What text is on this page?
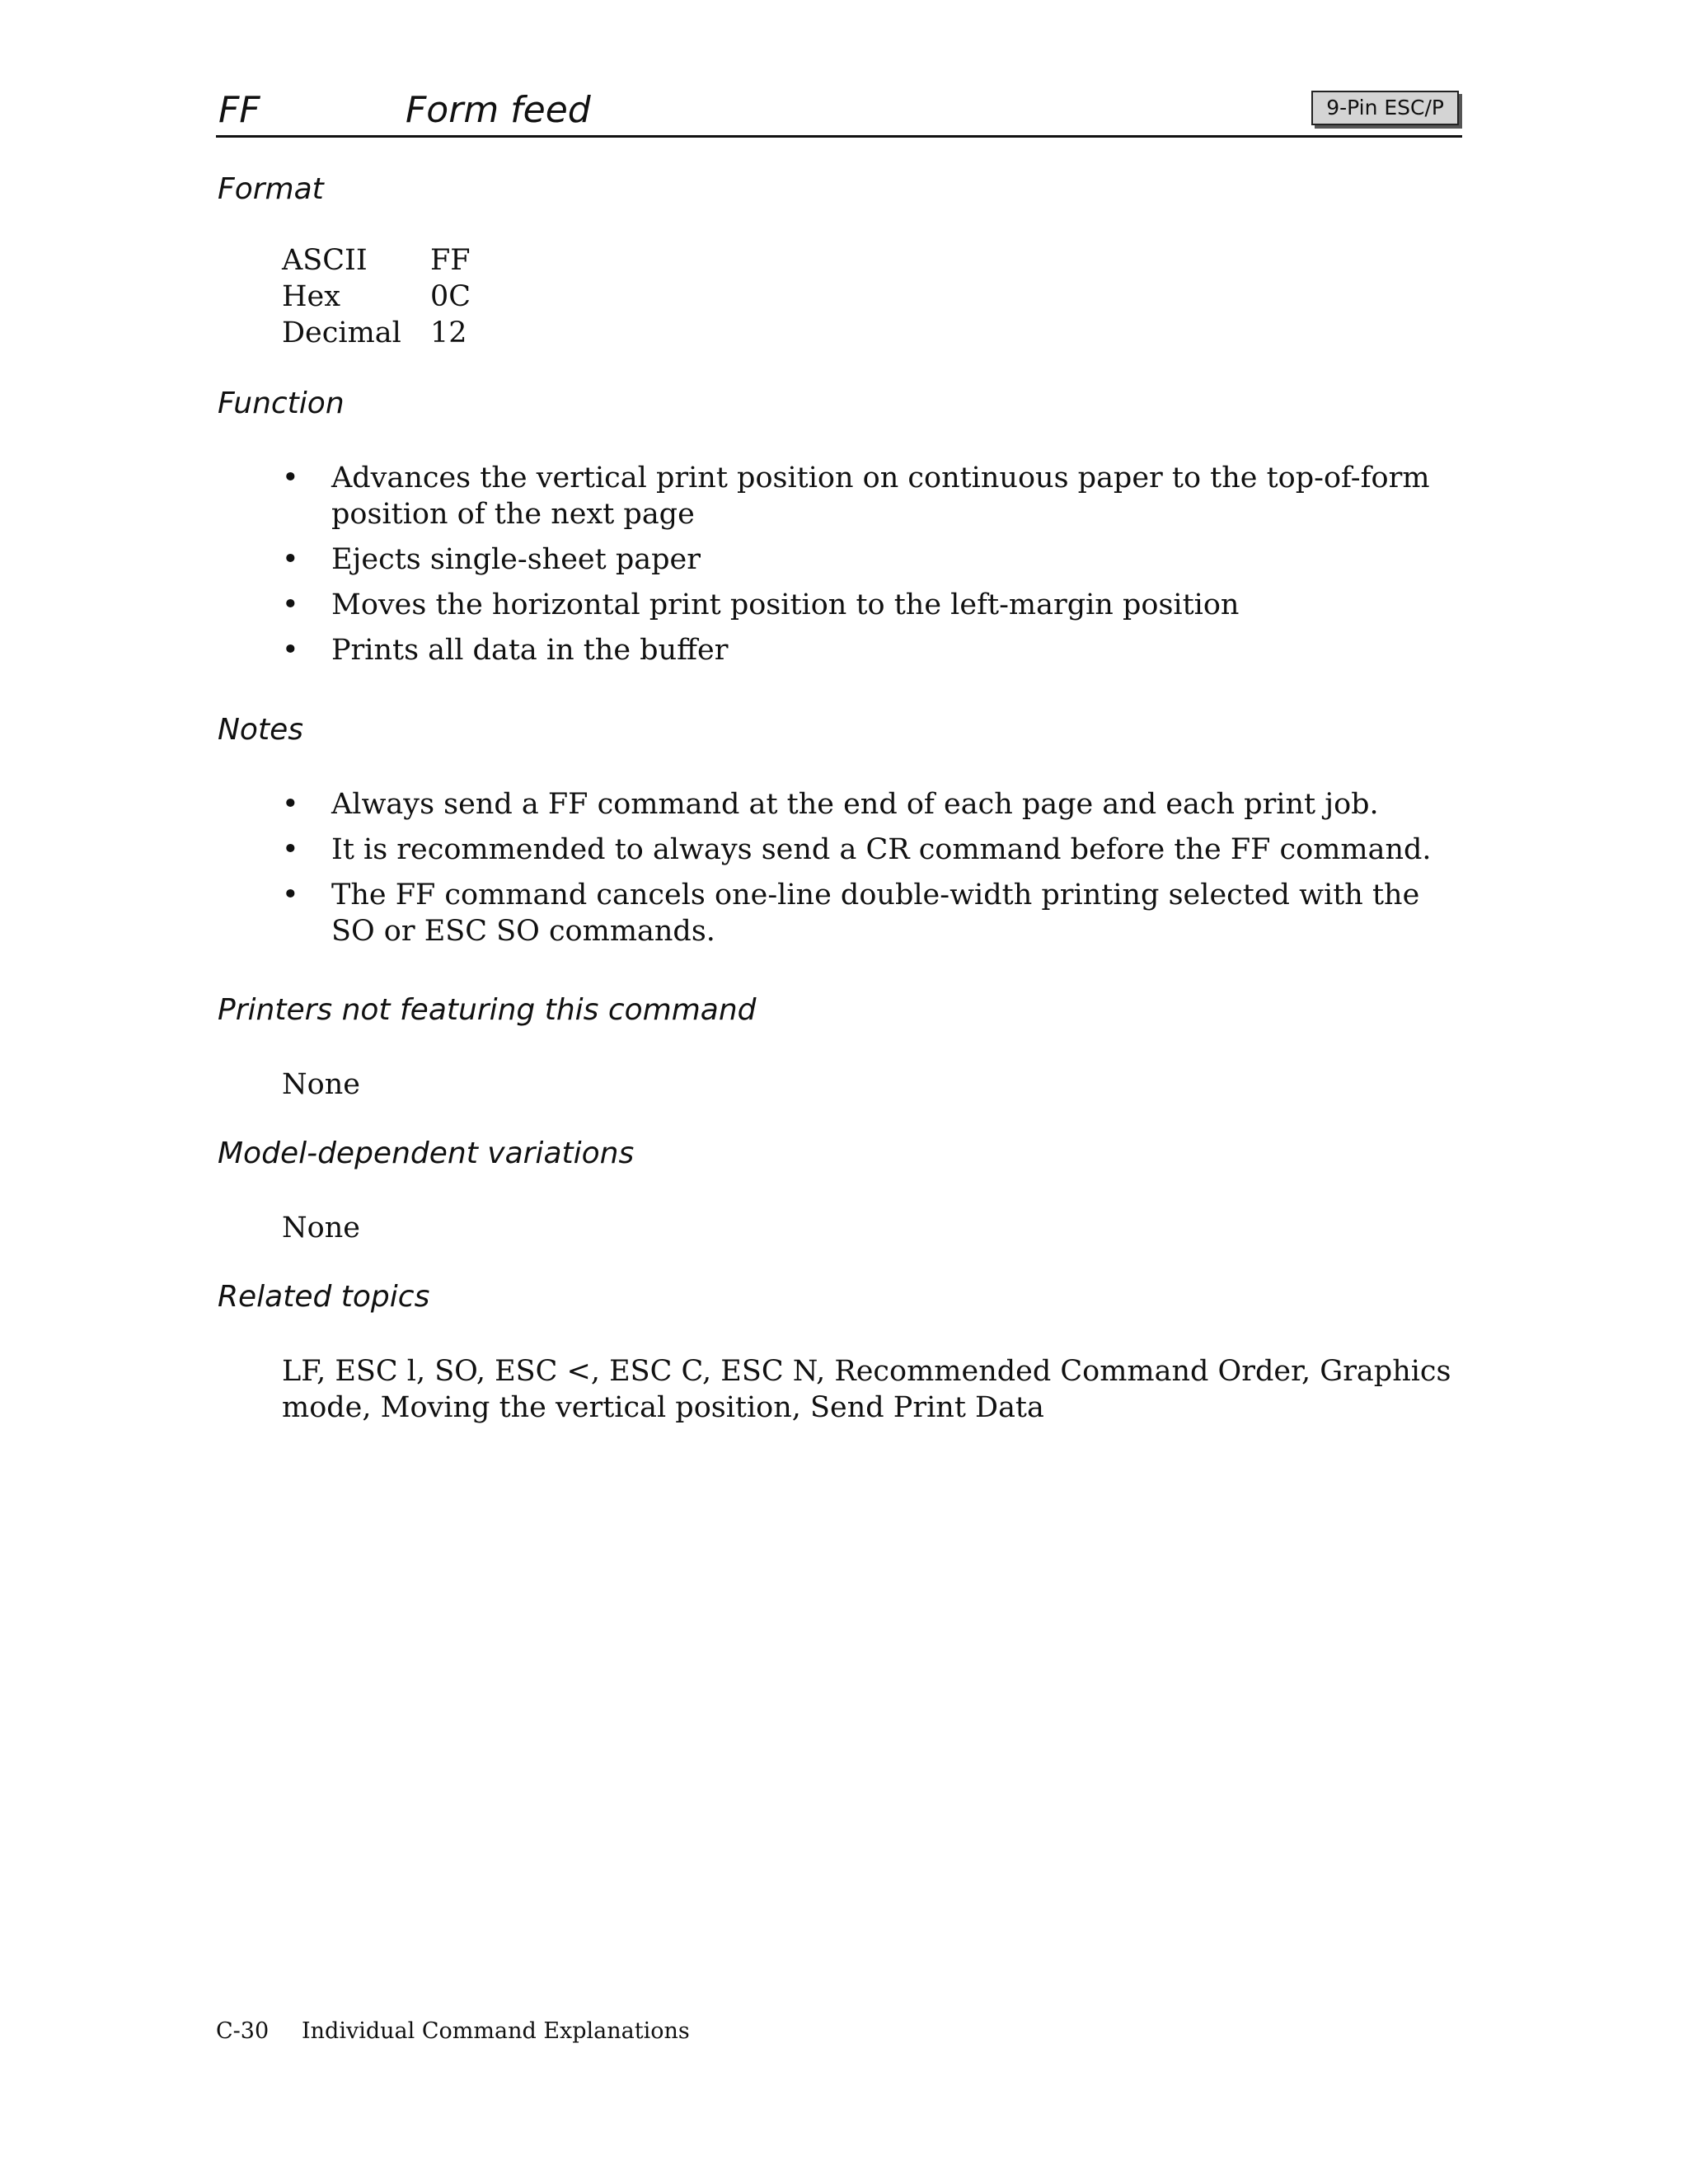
FF	Form feed	9-Pin ESC/P
Format
ASCII	FF
Hex	0C
Decimal	12
Function
• Advances the vertical print position on continuous paper to the top-of-form position of the next page
• Ejects single-sheet paper
• Moves the horizontal print position to the left-margin position
• Prints all data in the buffer
Notes
• Always send a FF command at the end of each page and each print job.
• It is recommended to always send a CR command before the FF command.
• The FF command cancels one-line double-width printing selected with the SO or ESC SO commands.
Printers not featuring this command

None

Model-dependent variations

None

Related topics

LF, ESC l, SO, ESC <, ESC C, ESC N, Recommended Command Order, Graphics mode, Moving the vertical position, Send Print Data

C-30 Individual Command Explanations
